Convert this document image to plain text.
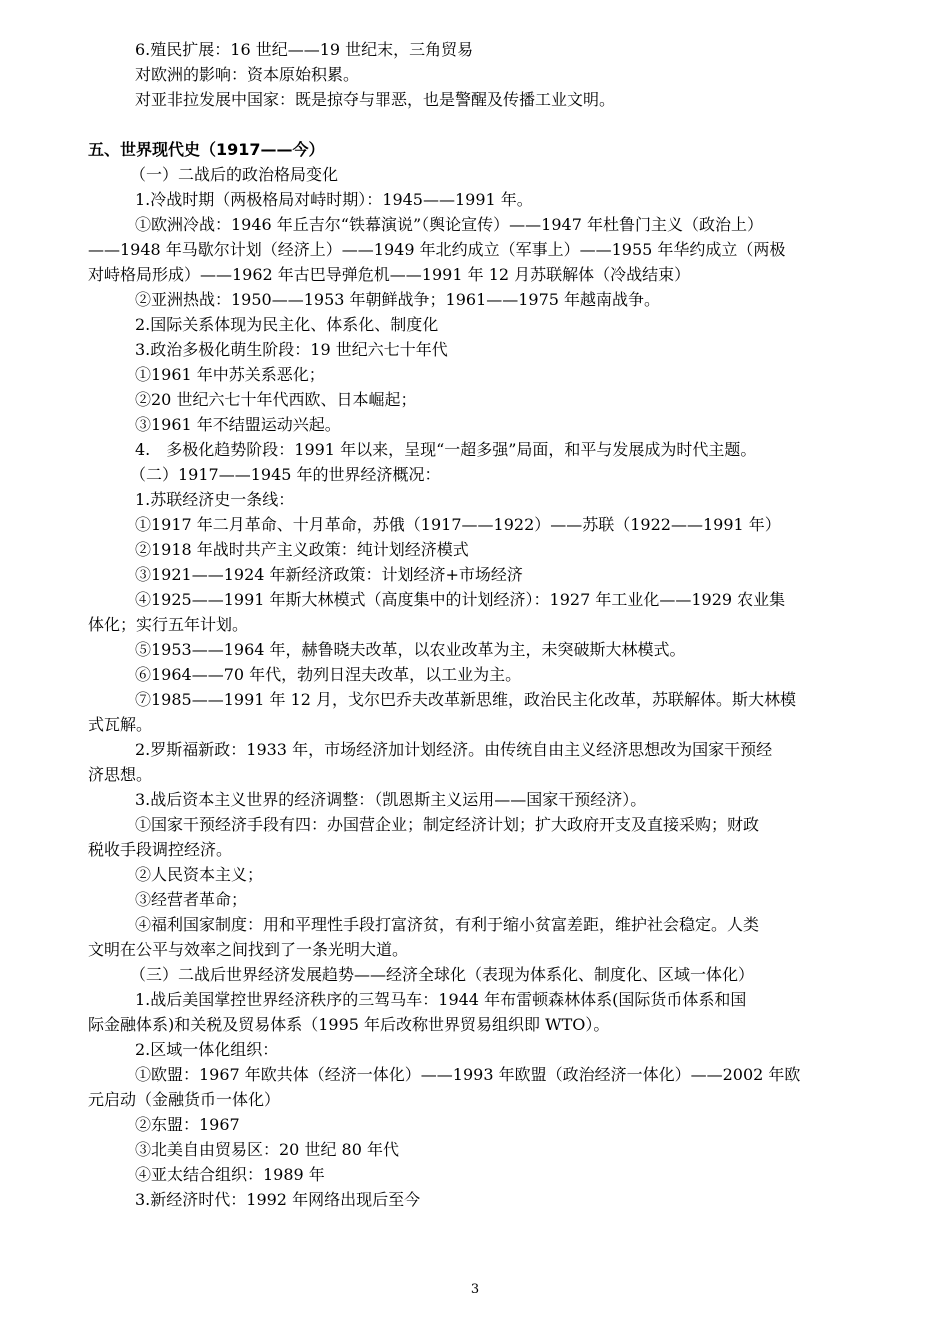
6.殖民扩展：16 世纪——19 世纪末，三角贸易
对欧洲的影响：资本原始积累。
对亚非拉发展中国家：既是掠夺与罪恶，也是警醒及传播工业文明。
五、世界现代史（1917——今）
（一）二战后的政治格局变化
1.冷战时期（两极格局对峙时期）：1945——1991 年。
①欧洲冷战：1946 年丘吉尔“铁幕演说”（舆论宣传）——1947 年杜鲁门主义（政治上）
——1948 年马歇尔计划（经济上）——1949 年北约成立（军事上）——1955 年华约成立（两极
对峙格局形成）——1962 年古巴导弹危机——1991 年 12 月苏联解体（冷战结束）
②亚洲热战：1950——1953 年朝鲜战争；1961——1975 年越南战争。
2.国际关系体现为民主化、体系化、制度化
3.政治多极化萌生阶段：19 世纪六七十年代
①1961 年中苏关系恶化；
②20 世纪六七十年代西欧、日本崛起；
③1961 年不结盟运动兴起。
4.　多极化趋势阶段：1991 年以来，呈现“一超多强”局面，和平与发展成为时代主题。
（二）1917——1945 年的世界经济概况：
1.苏联经济史一条线：
①1917 年二月革命、十月革命，苏俄（1917——1922）——苏联（1922——1991 年）
②1918 年战时共产主义政策：纯计划经济模式
③1921——1924 年新经济政策：计划经济+市场经济
④1925——1991 年斯大林模式（高度集中的计划经济）：1927 年工业化——1929 农业集
体化；实行五年计划。
⑤1953——1964 年，赫鲁晓夫改革，以农业改革为主，未突破斯大林模式。
⑥1964——70 年代，勃列日涅夫改革，以工业为主。
⑦1985——1991 年 12 月，戈尔巴乔夫改革新思维，政治民主化改革，苏联解体。斯大林模
式瓦解。
2.罗斯福新政：1933 年，市场经济加计划经济。由传统自由主义经济思想改为国家干预经
济思想。
3.战后资本主义世界的经济调整：（凯恩斯主义运用——国家干预经济）。
①国家干预经济手段有四：办国营企业；制定经济计划；扩大政府开支及直接采购；财政
税收手段调控经济。
②人民资本主义；
③经营者革命；
④福利国家制度：用和平理性手段打富济贫，有利于缩小贫富差距，维护社会稳定。人类
文明在公平与效率之间找到了一条光明大道。
（三）二战后世界经济发展趋势——经济全球化（表现为体系化、制度化、区域一体化）
1.战后美国掌控世界经济秩序的三驾马车：1944 年布雷顿森林体系(国际货币体系和国
际金融体系)和关税及贸易体系（1995 年后改称世界贸易组织即 WTO）。
2.区域一体化组织：
①欧盟：1967 年欧共体（经济一体化）——1993 年欧盟（政治经济一体化）——2002 年欧
元启动（金融货币一体化）
②东盟：1967
③北美自由贸易区：20 世纪 80 年代
④亚太结合组织：1989 年
3.新经济时代：1992 年网络出现后至今
3
